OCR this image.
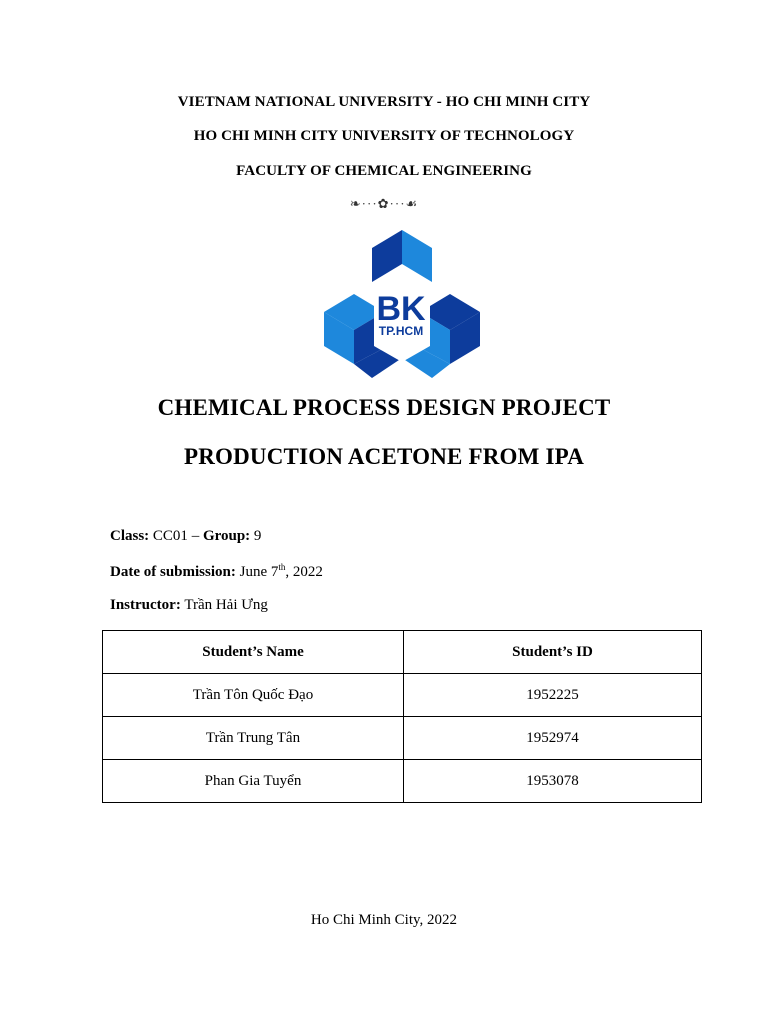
VIETNAM NATIONAL UNIVERSITY - HO CHI MINH CITY
HO CHI MINH CITY UNIVERSITY OF TECHNOLOGY
FACULTY OF CHEMICAL ENGINEERING
❧···✿···☙
BK
TP.HCM
CHEMICAL PROCESS DESIGN PROJECT
PRODUCTION ACETONE FROM IPA
Class: CC01 – Group: 9
Date of submission: June 7th, 2022
Instructor: Trần Hải Ưng
Student’s Name	Student’s ID
Trần Tôn Quốc Đạo	1952225
Trần Trung Tân	1952974
Phan Gia Tuyển	1953078
Ho Chi Minh City, 2022
